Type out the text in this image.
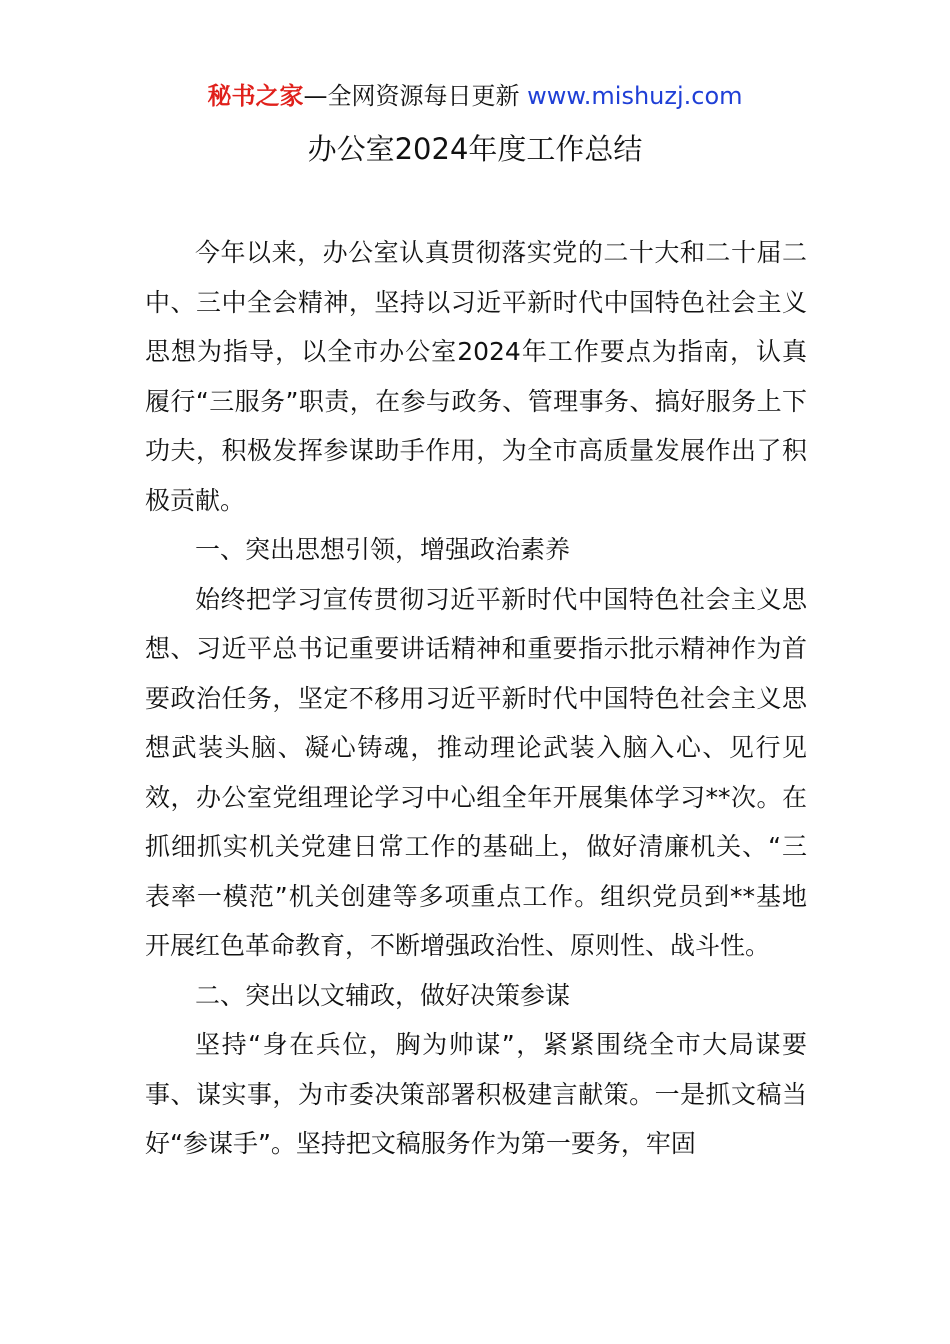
秘书之家—全网资源每日更新 www.mishuzj.com
办公室2024年度工作总结

今年以来，办公室认真贯彻落实党的二十大和二十届二中、三中全会精神，坚持以习近平新时代中国特色社会主义思想为指导，以全市办公室2024年工作要点为指南，认真履行“三服务”职责，在参与政务、管理事务、搞好服务上下功夫，积极发挥参谋助手作用，为全市高质量发展作出了积极贡献。

一、突出思想引领，增强政治素养

始终把学习宣传贯彻习近平新时代中国特色社会主义思想、习近平总书记重要讲话精神和重要指示批示精神作为首要政治任务，坚定不移用习近平新时代中国特色社会主义思想武装头脑、凝心铸魂，推动理论武装入脑入心、见行见效，办公室党组理论学习中心组全年开展集体学习**次。在抓细抓实机关党建日常工作的基础上，做好清廉机关、“三表率一模范”机关创建等多项重点工作。组织党员到**基地开展红色革命教育，不断增强政治性、原则性、战斗性。

二、突出以文辅政，做好决策参谋

坚持“身在兵位，胸为帅谋”，紧紧围绕全市大局谋要事、谋实事，为市委决策部署积极建言献策。一是抓文稿当好“参谋手”。坚持把文稿服务作为第一要务，牢固
